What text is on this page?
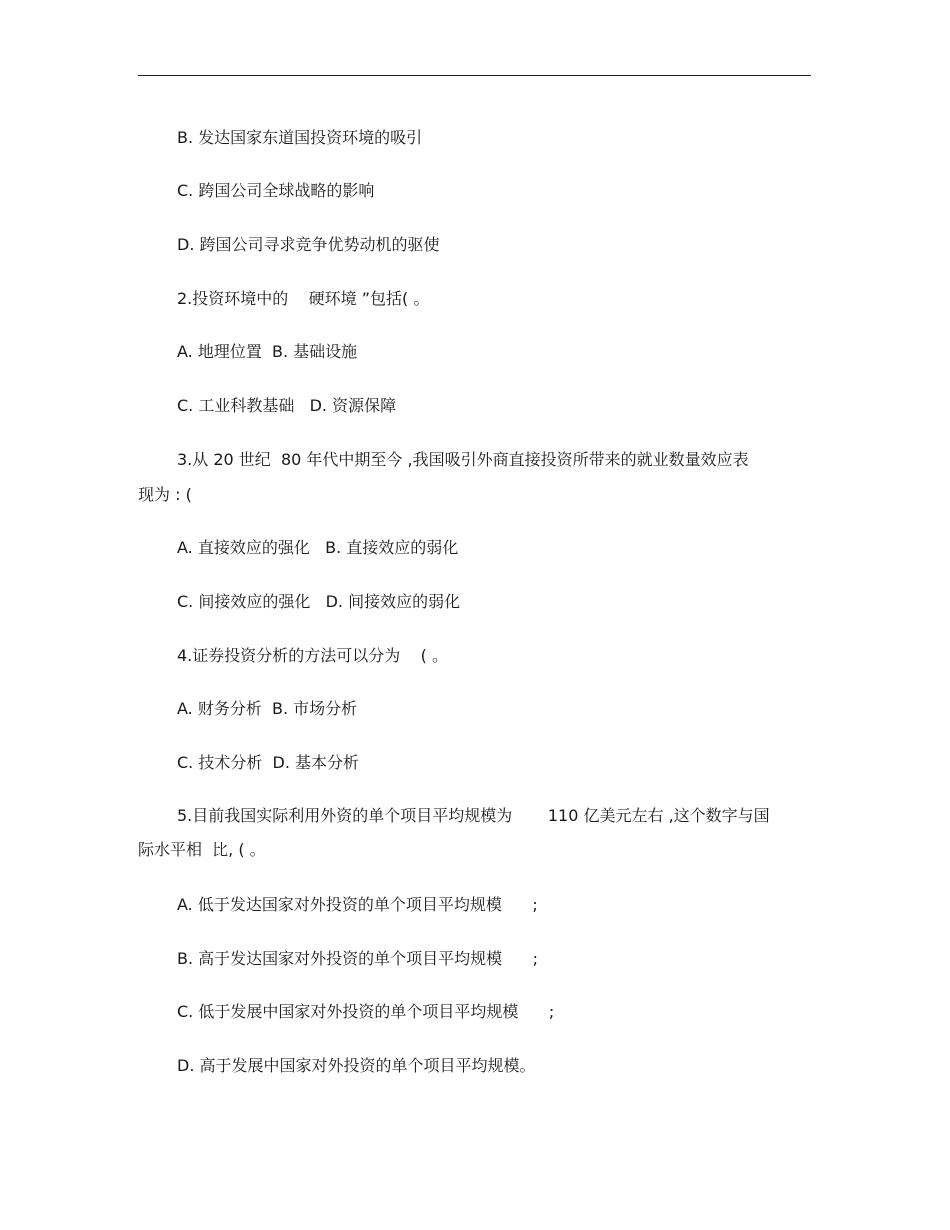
B. 发达国家东道国投资环境的吸引
C. 跨国公司全球战略的影响
D. 跨国公司寻求竞争优势动机的驱使
2.投资环境中的    硬环境 ”包括( 。
A. 地理位置  B. 基础设施
C. 工业科教基础   D. 资源保障
3.从 20 世纪  80 年代中期至今 ,我国吸引外商直接投资所带来的就业数量效应表
现为 : (
A. 直接效应的强化   B. 直接效应的弱化
C. 间接效应的强化   D. 间接效应的弱化
4.证券投资分析的方法可以分为    ( 。
A. 财务分析  B. 市场分析
C. 技术分析  D. 基本分析
5.目前我国实际利用外资的单个项目平均规模为       110 亿美元左右 ,这个数字与国
际水平相  比, ( 。
A. 低于发达国家对外投资的单个项目平均规模      ;
B. 高于发达国家对外投资的单个项目平均规模      ;
C. 低于发展中国家对外投资的单个项目平均规模      ;
D. 高于发展中国家对外投资的单个项目平均规模。
